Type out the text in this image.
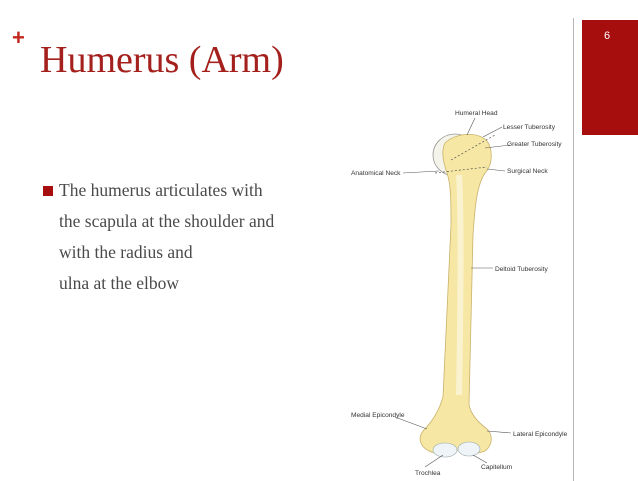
+
Humerus (Arm)
6
The humerus articulates with
the scapula at the shoulder and
with the radius and
ulna at the elbow
Humeral Head
Lesser Tuberosity
Greater Tuberosity
Anatomical Neck	Surgical Neck
Deltoid Tuberosity
Medial Epicondyle
Lateral Epicondyle
Trochlea
Capitellum
